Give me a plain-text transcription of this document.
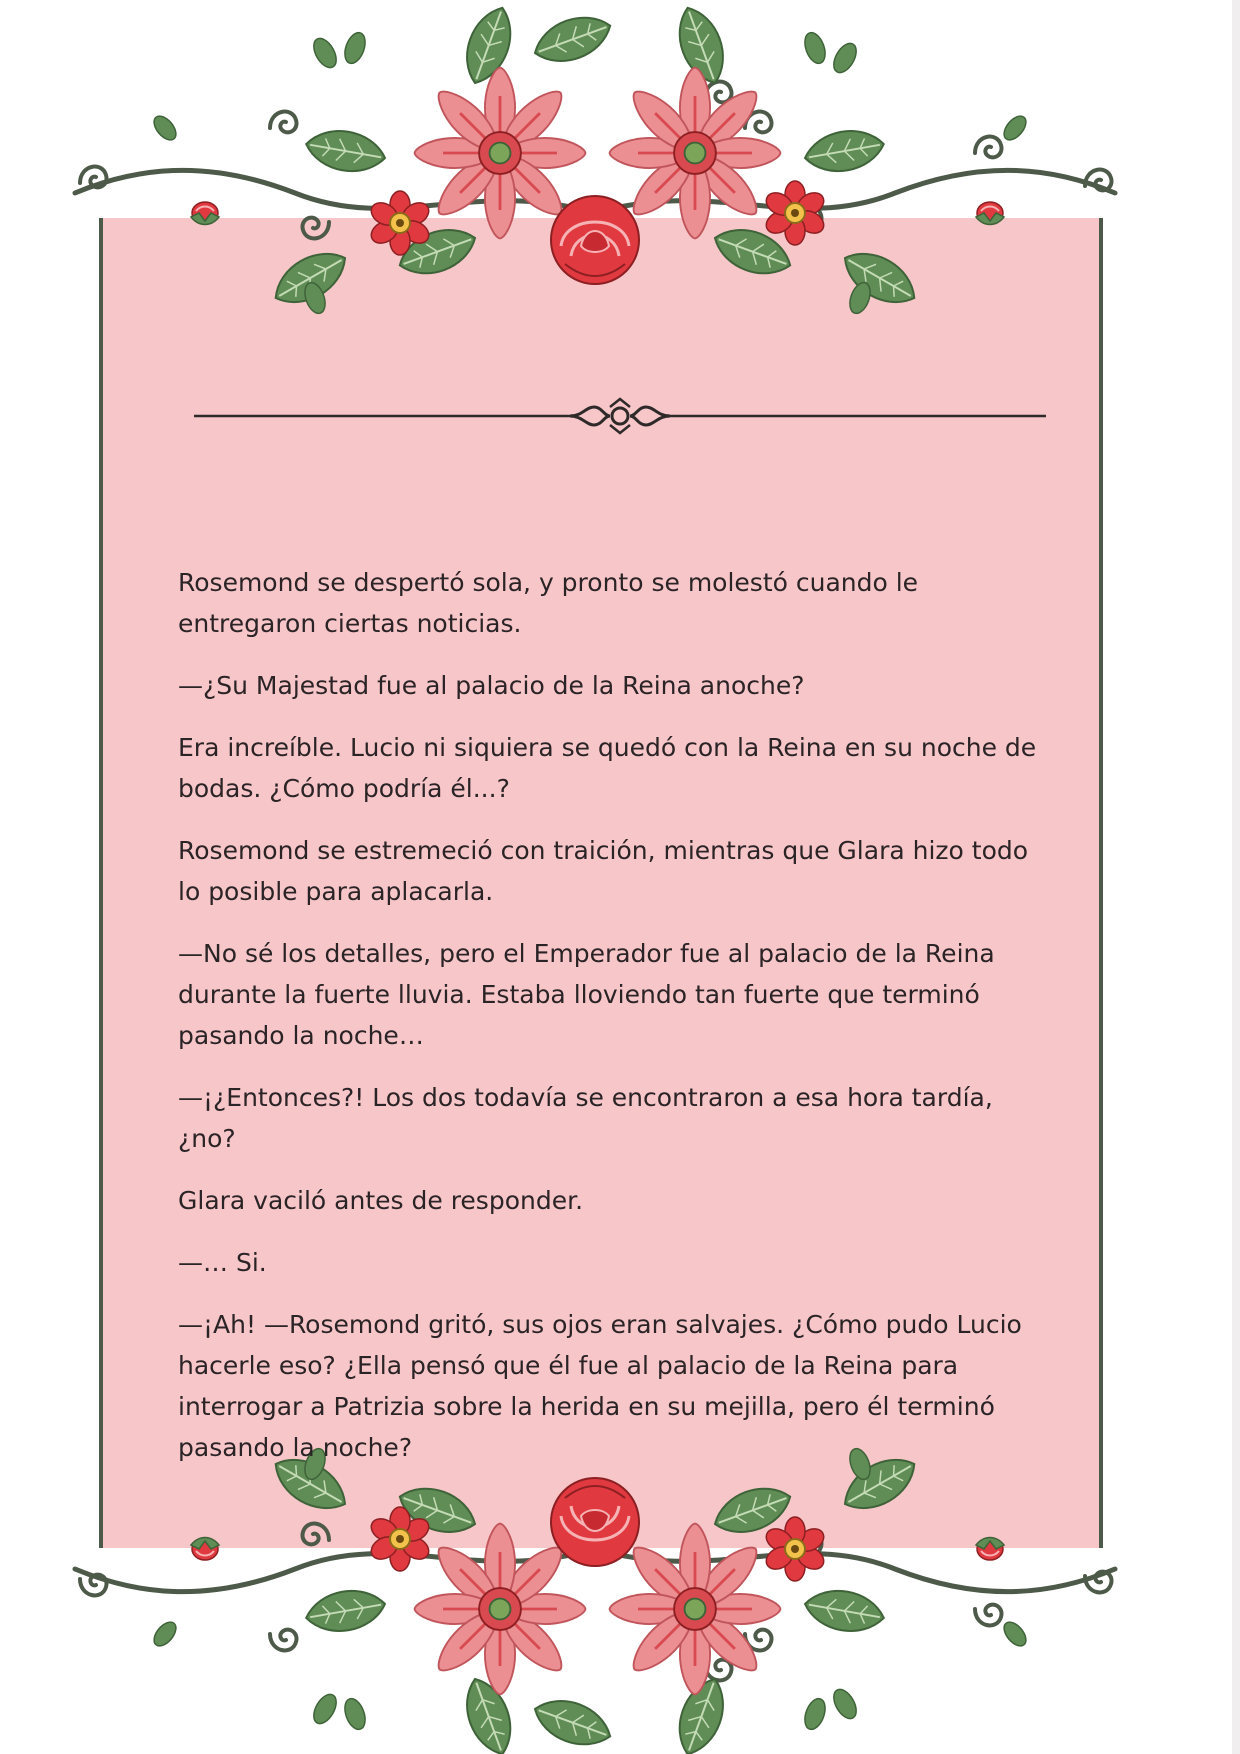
Rosemond se despertó sola, y pronto se molestó cuando le entregaron ciertas noticias.

—¿Su Majestad fue al palacio de la Reina anoche?

Era increíble. Lucio ni siquiera se quedó con la Reina en su noche de bodas. ¿Cómo podría él...?

Rosemond se estremeció con traición, mientras que Glara hizo todo lo posible para aplacarla.

—No sé los detalles, pero el Emperador fue al palacio de la Reina durante la fuerte lluvia. Estaba lloviendo tan fuerte que terminó pasando la noche…

—¡¿Entonces?! Los dos todavía se encontraron a esa hora tardía, ¿no?

Glara vaciló antes de responder.

—… Si.

—¡Ah! —Rosemond gritó, sus ojos eran salvajes. ¿Cómo pudo Lucio hacerle eso? ¿Ella pensó que él fue al palacio de la Reina para interrogar a Patrizia sobre la herida en su mejilla, pero él terminó pasando la noche?
